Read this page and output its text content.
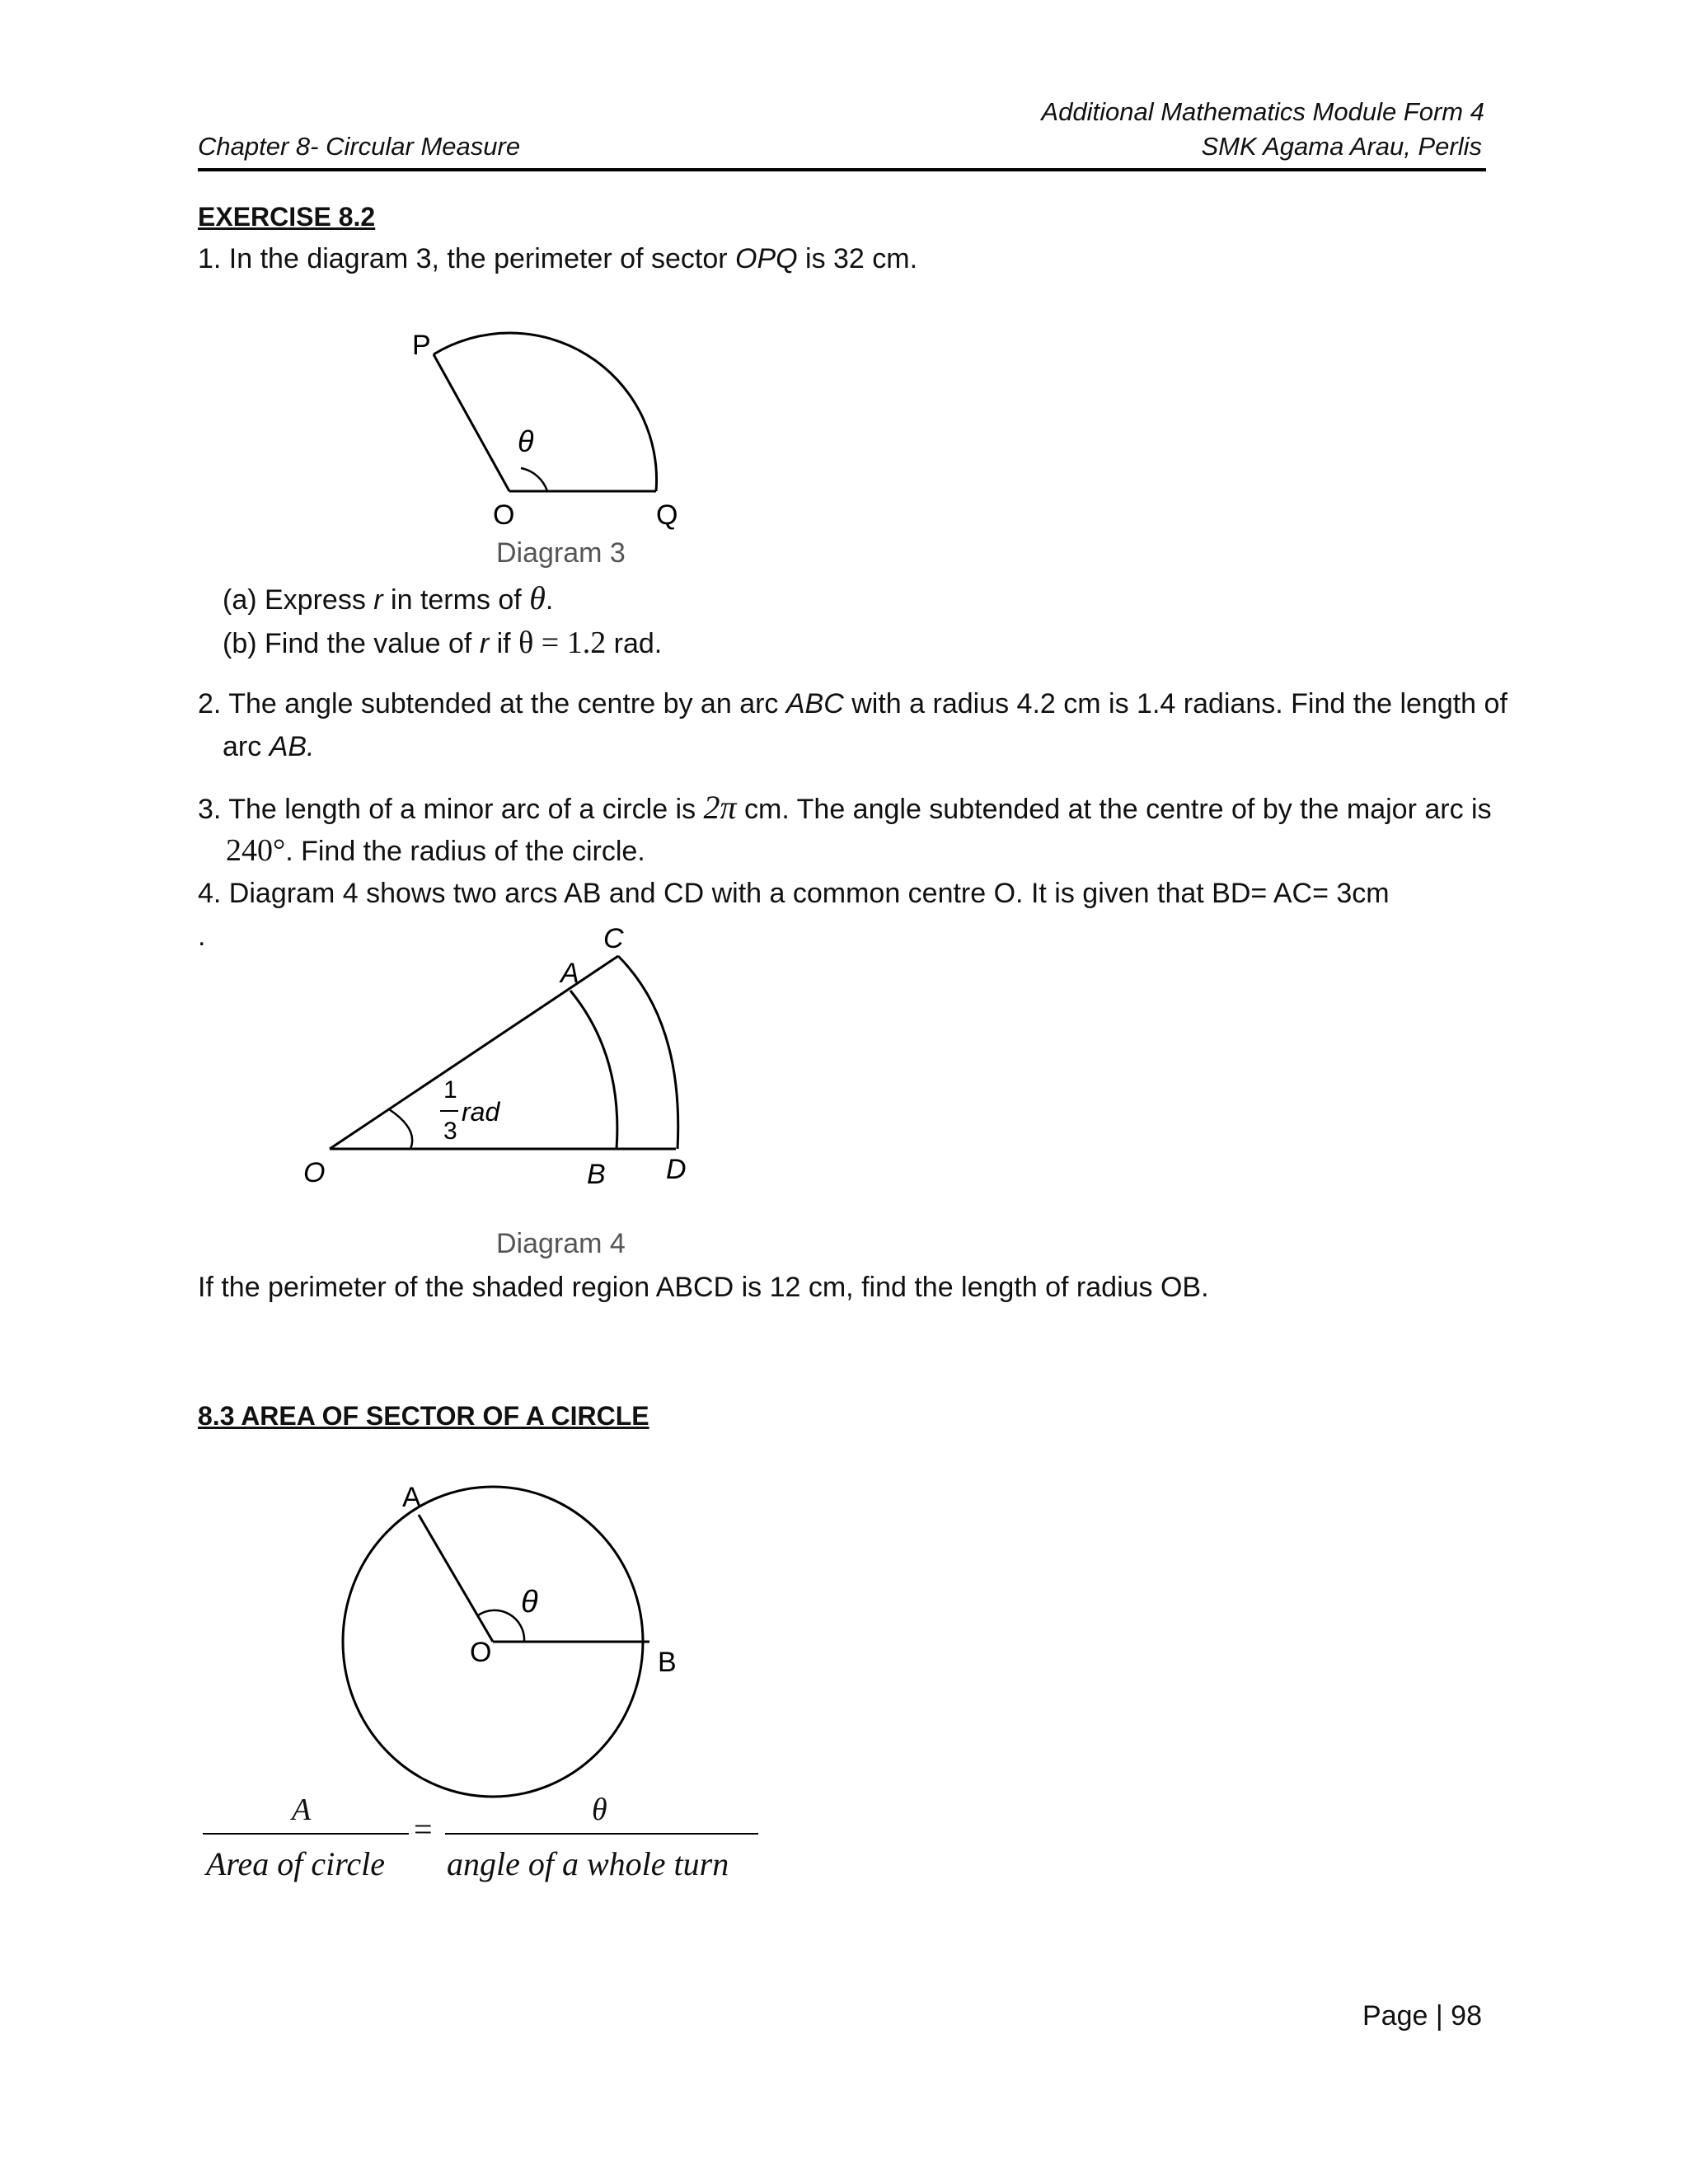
Additional Mathematics Module Form 4
Chapter 8- Circular Measure	SMK Agama Arau, Perlis
EXERCISE 8.2
1. In the diagram 3, the perimeter of sector OPQ is 32 cm.
P
θ
O	Q
Diagram 3
(a) Express r in terms of θ.
(b) Find the value of r if θ = 1.2 rad.
2. The angle subtended at the centre by an arc ABC with a radius 4.2 cm is 1.4 radians. Find the length of
arc AB.
3. The length of a minor arc of a circle is 2π cm. The angle subtended at the centre of by the major arc is
240°. Find the radius of the circle.
4. Diagram 4 shows two arcs AB and CD with a common centre O. It is given that BD= AC= 3cm
.	C
A
O	B D
1
3
rad
Diagram 4
If the perimeter of the shaded region ABCD is 12 cm, find the length of radius OB.
8.3 AREA OF SECTOR OF A CIRCLE
A
O	B
θ
A
Area of circle
=
θ
angle of a whole turn
Page | 98
